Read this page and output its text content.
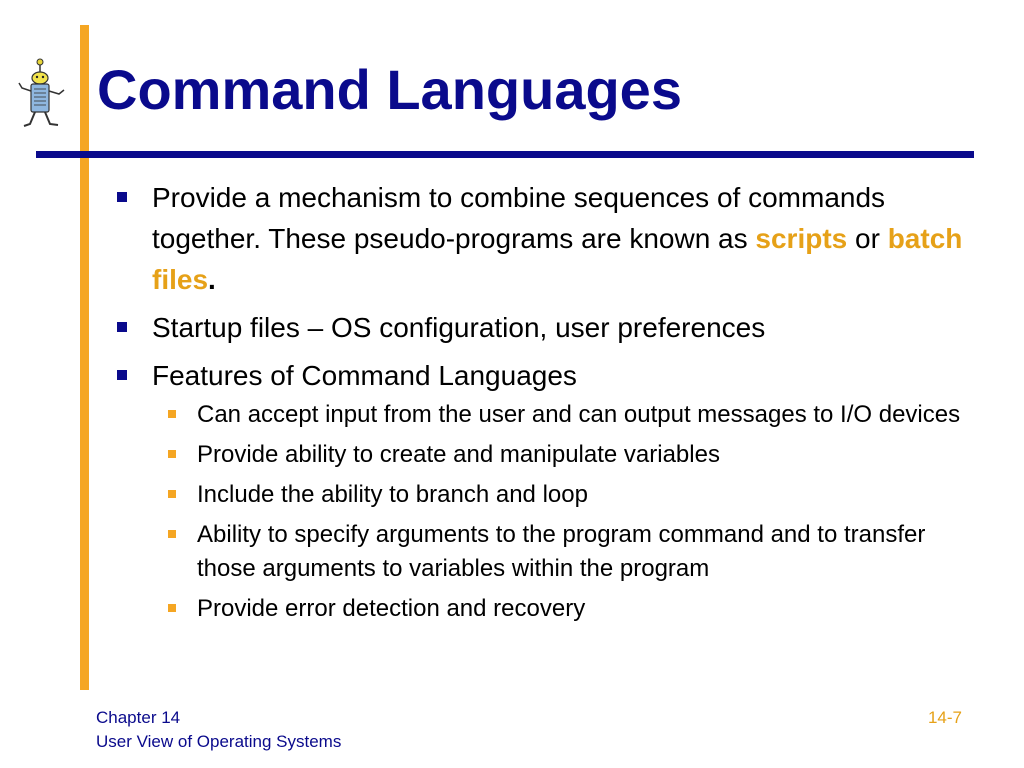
Command Languages
Provide a mechanism to combine sequences of commands together. These pseudo-programs are known as scripts or batch files.
Startup files – OS configuration, user preferences
Features of Command Languages
Can accept input from the user and can output messages to I/O devices
Provide ability to create and manipulate variables
Include the ability to branch and loop
Ability to specify arguments to the program command and to transfer those arguments to variables within the program
Provide error detection and recovery
Chapter 14
User View of Operating Systems
14-7
